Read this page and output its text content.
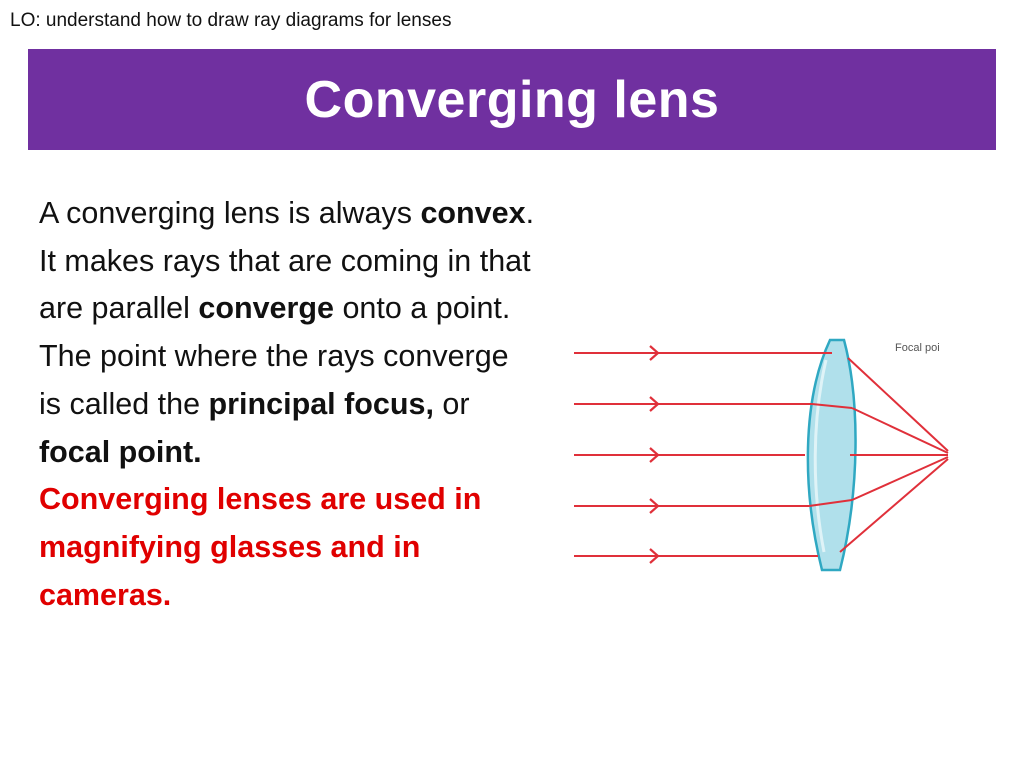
LO: understand how to draw ray diagrams for lenses
Converging lens
A converging lens is always convex. It makes rays that are coming in that are parallel converge onto a point. The point where the rays converge is called the principal focus, or focal point.
Converging lenses are used in magnifying glasses and in cameras.
Focal poi
